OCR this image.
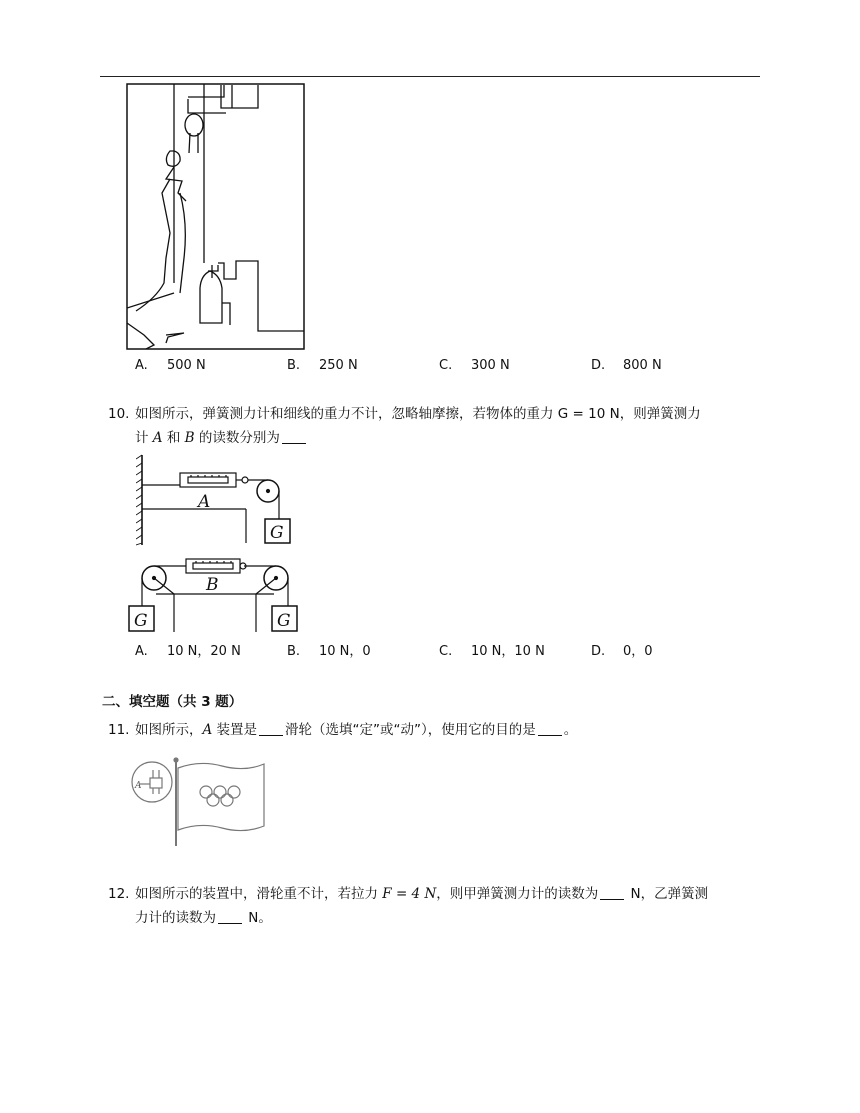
A. 500 N	B. 250 N	C. 300 N	D. 800 N
10. 如图所示，弹簧测力计和细线的重力不计，忽略轴摩擦，若物体的重力 G = 10 N，则弹簧测力
计 A 和 B 的读数分别为
A
G
B
G	G
A. 10 N，20 N	B. 10 N，0	C. 10 N，10 N	D. 0，0
二、填空题（共 3 题）
11. 如图所示，A 装置是 滑轮（选填“定”或“动”），使用它的目的是 。
A
12. 如图所示的装置中，滑轮重不计，若拉力 F = 4 N，则甲弹簧测力计的读数为 N，乙弹簧测
力计的读数为 N。
